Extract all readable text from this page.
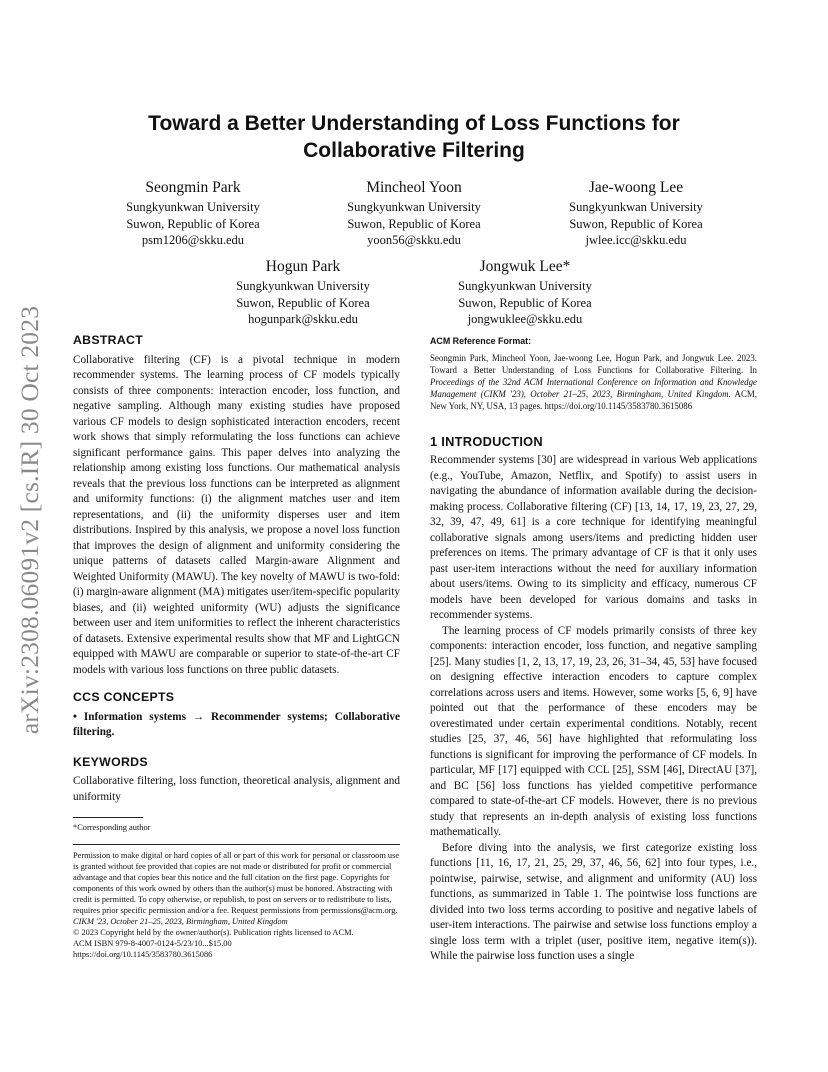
arXiv:2308.06091v2 [cs.IR] 30 Oct 2023
Toward a Better Understanding of Loss Functions for
Collaborative Filtering
Seongmin Park
Sungkyunkwan University
Suwon, Republic of Korea
psm1206@skku.edu
Mincheol Yoon
Sungkyunkwan University
Suwon, Republic of Korea
yoon56@skku.edu
Jae-woong Lee
Sungkyunkwan University
Suwon, Republic of Korea
jwlee.icc@skku.edu
Hogun Park
Sungkyunkwan University
Suwon, Republic of Korea
hogunpark@skku.edu
Jongwuk Lee*
Sungkyunkwan University
Suwon, Republic of Korea
jongwuklee@skku.edu
ABSTRACT
Collaborative filtering (CF) is a pivotal technique in modern recommender systems. The learning process of CF models typically consists of three components: interaction encoder, loss function, and negative sampling. Although many existing studies have proposed various CF models to design sophisticated interaction encoders, recent work shows that simply reformulating the loss functions can achieve significant performance gains. This paper delves into analyzing the relationship among existing loss functions. Our mathematical analysis reveals that the previous loss functions can be interpreted as alignment and uniformity functions: (i) the alignment matches user and item representations, and (ii) the uniformity disperses user and item distributions. Inspired by this analysis, we propose a novel loss function that improves the design of alignment and uniformity considering the unique patterns of datasets called Margin-aware Alignment and Weighted Uniformity (MAWU). The key novelty of MAWU is two-fold: (i) margin-aware alignment (MA) mitigates user/item-specific popularity biases, and (ii) weighted uniformity (WU) adjusts the significance between user and item uniformities to reflect the inherent characteristics of datasets. Extensive experimental results show that MF and LightGCN equipped with MAWU are comparable or superior to state-of-the-art CF models with various loss functions on three public datasets.
CCS CONCEPTS
• Information systems → Recommender systems; Collaborative filtering.
KEYWORDS
Collaborative filtering, loss function, theoretical analysis, alignment and uniformity
*Corresponding author
Permission to make digital or hard copies of all or part of this work for personal or classroom use is granted without fee provided that copies are not made or distributed for profit or commercial advantage and that copies bear this notice and the full citation on the first page. Copyrights for components of this work owned by others than the author(s) must be honored. Abstracting with credit is permitted. To copy otherwise, or republish, to post on servers or to redistribute to lists, requires prior specific permission and/or a fee. Request permissions from permissions@acm.org.
CIKM '23, October 21–25, 2023, Birmingham, United Kingdom
© 2023 Copyright held by the owner/author(s). Publication rights licensed to ACM.
ACM ISBN 979-8-4007-0124-5/23/10...$15.00
https://doi.org/10.1145/3583780.3615086
ACM Reference Format:
Seongmin Park, Mincheol Yoon, Jae-woong Lee, Hogun Park, and Jongwuk Lee. 2023. Toward a Better Understanding of Loss Functions for Collaborative Filtering. In Proceedings of the 32nd ACM International Conference on Information and Knowledge Management (CIKM '23), October 21–25, 2023, Birmingham, United Kingdom. ACM, New York, NY, USA, 13 pages. https://doi.org/10.1145/3583780.3615086
1 INTRODUCTION
Recommender systems [30] are widespread in various Web applications (e.g., YouTube, Amazon, Netflix, and Spotify) to assist users in navigating the abundance of information available during the decision-making process. Collaborative filtering (CF) [13, 14, 17, 19, 23, 27, 29, 32, 39, 47, 49, 61] is a core technique for identifying meaningful collaborative signals among users/items and predicting hidden user preferences on items. The primary advantage of CF is that it only uses past user-item interactions without the need for auxiliary information about users/items. Owing to its simplicity and efficacy, numerous CF models have been developed for various domains and tasks in recommender systems.
The learning process of CF models primarily consists of three key components: interaction encoder, loss function, and negative sampling [25]. Many studies [1, 2, 13, 17, 19, 23, 26, 31–34, 45, 53] have focused on designing effective interaction encoders to capture complex correlations across users and items. However, some works [5, 6, 9] have pointed out that the performance of these encoders may be overestimated under certain experimental conditions. Notably, recent studies [25, 37, 46, 56] have highlighted that reformulating loss functions is significant for improving the performance of CF models. In particular, MF [17] equipped with CCL [25], SSM [46], DirectAU [37], and BC [56] loss functions has yielded competitive performance compared to state-of-the-art CF models. However, there is no previous study that represents an in-depth analysis of existing loss functions mathematically.
Before diving into the analysis, we first categorize existing loss functions [11, 16, 17, 21, 25, 29, 37, 46, 56, 62] into four types, i.e., pointwise, pairwise, setwise, and alignment and uniformity (AU) loss functions, as summarized in Table 1. The pointwise loss functions are divided into two loss terms according to positive and negative labels of user-item interactions. The pairwise and setwise loss functions employ a single loss term with a triplet (user, positive item, negative item(s)). While the pairwise loss function uses a single
